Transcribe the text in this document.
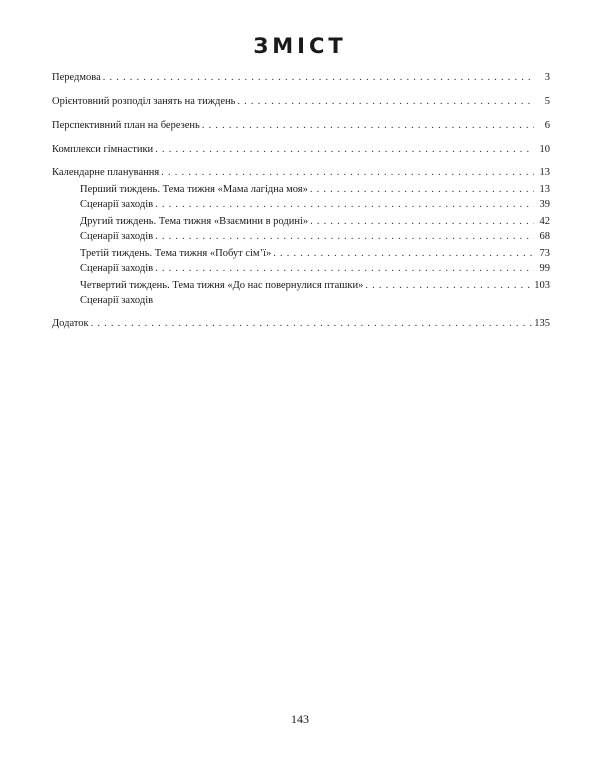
ЗМІСТ
Передмова . . .	3
Орієнтовний розподіл занять на тиждень . . .	5
Перспективний план на березень . . .	6
Комплекси гімнастики . . .	10
Календарне планування . . .	13
Перший тиждень. Тема тижня «Мама лагідна моя» . . .	13
Сценарії заходів . . .	39
Другий тиждень. Тема тижня «Взаємини в родині» . . .	42
Сценарії заходів . . .	68
Третій тиждень. Тема тижня «Побут сім’ї» . . .	73
Сценарії заходів . . .	99
Четвертий тиждень. Тема тижня «До нас повернулися пташки» . . .	103
Сценарії заходів
Додаток . . .	135
143
